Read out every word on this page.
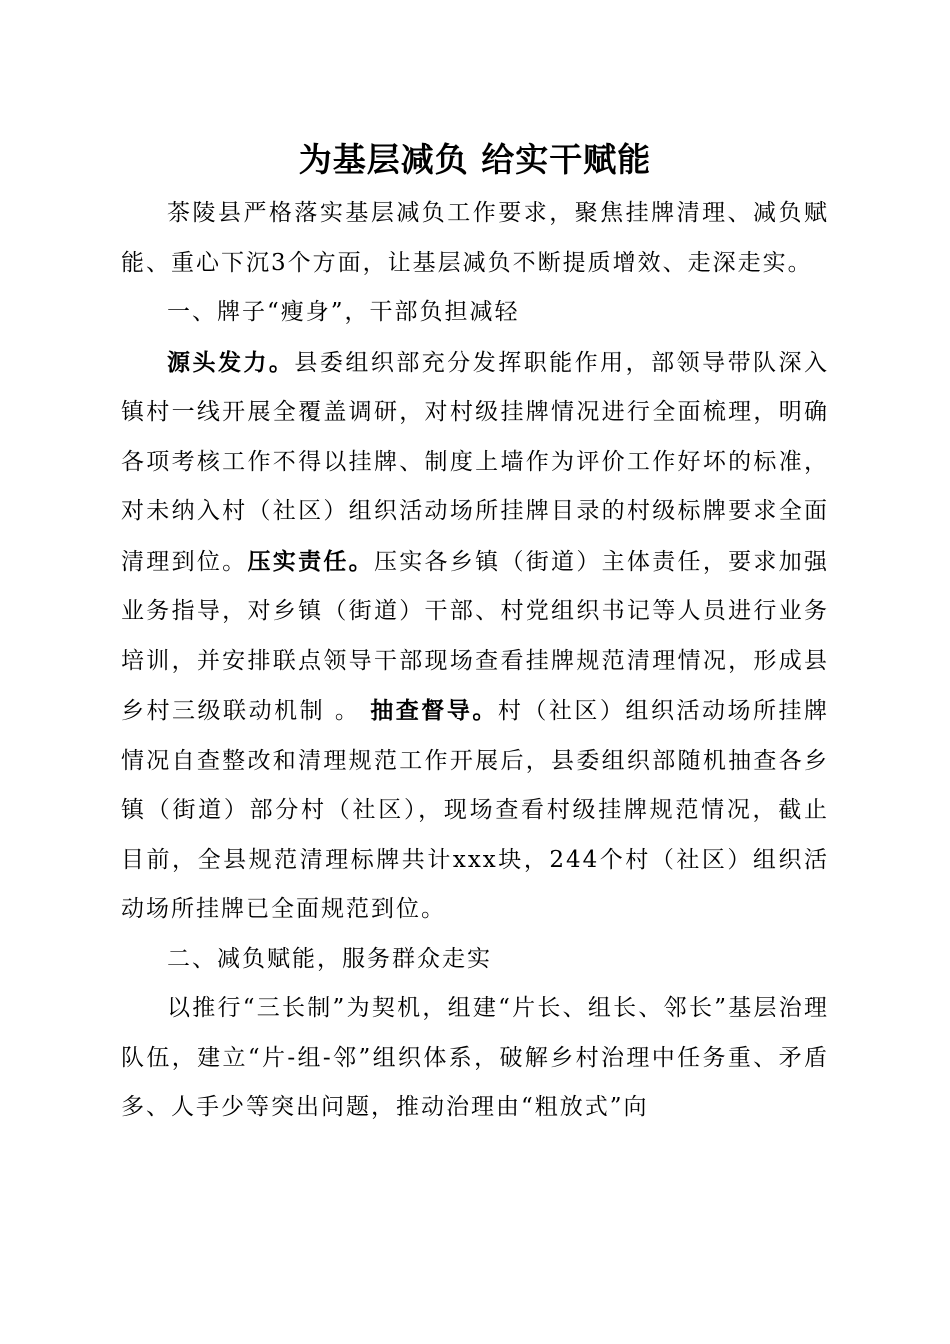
为基层减负 给实干赋能

茶陵县严格落实基层减负工作要求，聚焦挂牌清理、减负赋能、重心下沉3个方面，让基层减负不断提质增效、走深走实。

一、牌子“瘦身”，干部负担减轻

源头发力。县委组织部充分发挥职能作用，部领导带队深入镇村一线开展全覆盖调研，对村级挂牌情况进行全面梳理，明确各项考核工作不得以挂牌、制度上墙作为评价工作好坏的标准，对未纳入村（社区）组织活动场所挂牌目录的村级标牌要求全面清理到位。压实责任。压实各乡镇（街道）主体责任，要求加强业务指导，对乡镇（街道）干部、村党组织书记等人员进行业务培训，并安排联点领导干部现场查看挂牌规范清理情况，形成县乡村三级联动机制 。 抽查督导。村（社区）组织活动场所挂牌情况自查整改和清理规范工作开展后，县委组织部随机抽查各乡镇（街道）部分村（社区），现场查看村级挂牌规范情况，截止目前，全县规范清理标牌共计xxx块，244个村（社区）组织活动场所挂牌已全面规范到位。

二、减负赋能，服务群众走实

以推行“三长制”为契机，组建“片长、组长、邻长”基层治理队伍，建立“片-组-邻”组织体系，破解乡村治理中任务重、矛盾多、人手少等突出问题，推动治理由“粗放式”向
